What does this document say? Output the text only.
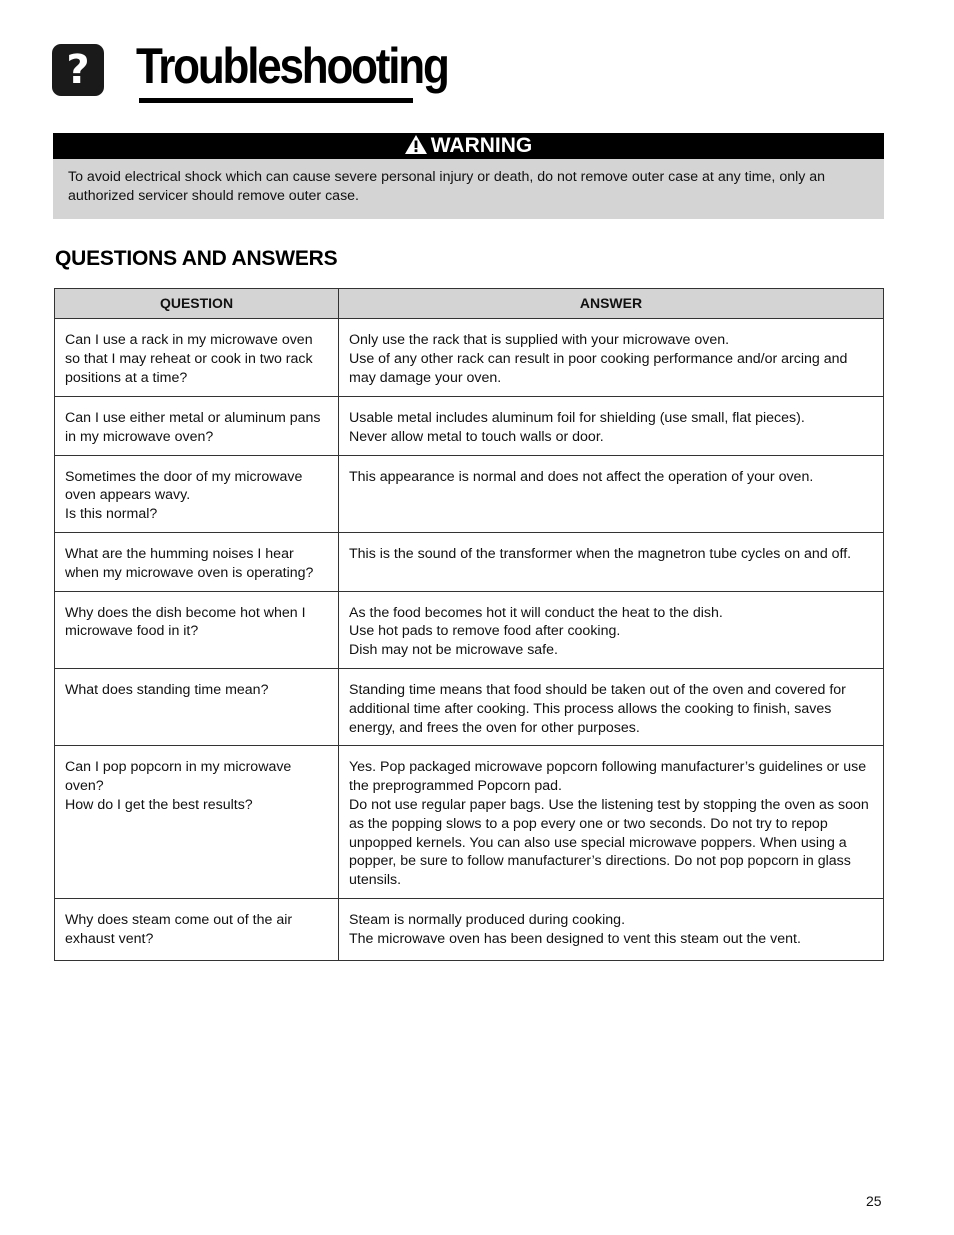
? Troubleshooting
WARNING
To avoid electrical shock which can cause severe personal injury or death, do not remove outer case at any time, only an authorized servicer should remove outer case.
QUESTIONS AND ANSWERS
QUESTION	ANSWER

Can I use a rack in my microwave oven so that I may reheat or cook in two rack positions at a time?	Only use the rack that is supplied with your microwave oven.
Use of any other rack can result in poor cooking performance and/or arcing and may damage your oven.

Can I use either metal or aluminum pans in my microwave oven?	Usable metal includes aluminum foil for shielding (use small, flat pieces).
Never allow metal to touch walls or door.

Sometimes the door of my microwave oven appears wavy.
Is this normal?	This appearance is normal and does not affect the operation of your oven.

What are the humming noises I hear when my microwave oven is operating?	This is the sound of the transformer when the magnetron tube cycles on and off.

Why does the dish become hot when I microwave food in it?	As the food becomes hot it will conduct the heat to the dish.
Use hot pads to remove food after cooking.
Dish may not be microwave safe.

What does standing time mean?	Standing time means that food should be taken out of the oven and covered for additional time after cooking. This process allows the cooking to finish, saves energy, and frees the oven for other purposes.

Can I pop popcorn in my microwave oven?
How do I get the best results?	Yes. Pop packaged microwave popcorn following manufacturer’s guidelines or use the preprogrammed Popcorn pad.
Do not use regular paper bags. Use the listening test by stopping the oven as soon as the popping slows to a pop every one or two seconds. Do not try to repop unpopped kernels. You can also use special microwave poppers. When using a popper, be sure to follow manufacturer’s directions. Do not pop popcorn in glass utensils.

Why does steam come out of the air exhaust vent?	Steam is normally produced during cooking.
The microwave oven has been designed to vent this steam out the vent.
25
